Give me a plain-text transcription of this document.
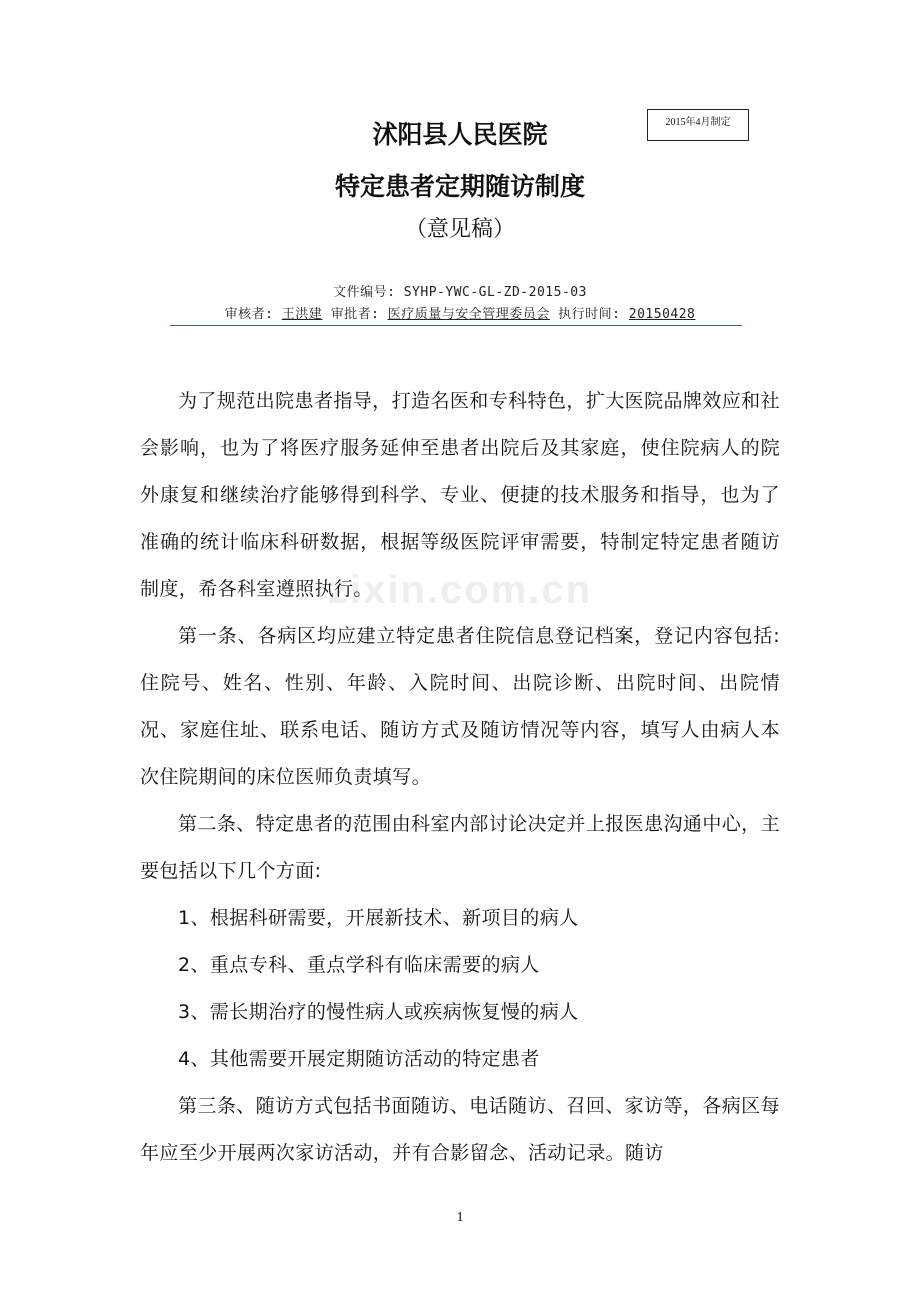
2015年4月制定
沭阳县人民医院
特定患者定期随访制度
（意见稿）
文件编号: SYHP-YWC-GL-ZD-2015-03
审核者: 王洪建 审批者: 医疗质量与安全管理委员会 执行时间: 20150428
zixin.com.cn

为了规范出院患者指导，打造名医和专科特色，扩大医院品牌效应和社会影响，也为了将医疗服务延伸至患者出院后及其家庭，使住院病人的院外康复和继续治疗能够得到科学、专业、便捷的技术服务和指导，也为了准确的统计临床科研数据，根据等级医院评审需要，特制定特定患者随访制度，希各科室遵照执行。

第一条、各病区均应建立特定患者住院信息登记档案，登记内容包括: 住院号、姓名、性别、年龄、入院时间、出院诊断、出院时间、出院情况、家庭住址、联系电话、随访方式及随访情况等内容，填写人由病人本次住院期间的床位医师负责填写。

第二条、特定患者的范围由科室内部讨论决定并上报医患沟通中心，主要包括以下几个方面:

1、根据科研需要，开展新技术、新项目的病人

2、重点专科、重点学科有临床需要的病人

3、需长期治疗的慢性病人或疾病恢复慢的病人

4、其他需要开展定期随访活动的特定患者

第三条、随访方式包括书面随访、电话随访、召回、家访等，各病区每年应至少开展两次家访活动，并有合影留念、活动记录。随访

1
